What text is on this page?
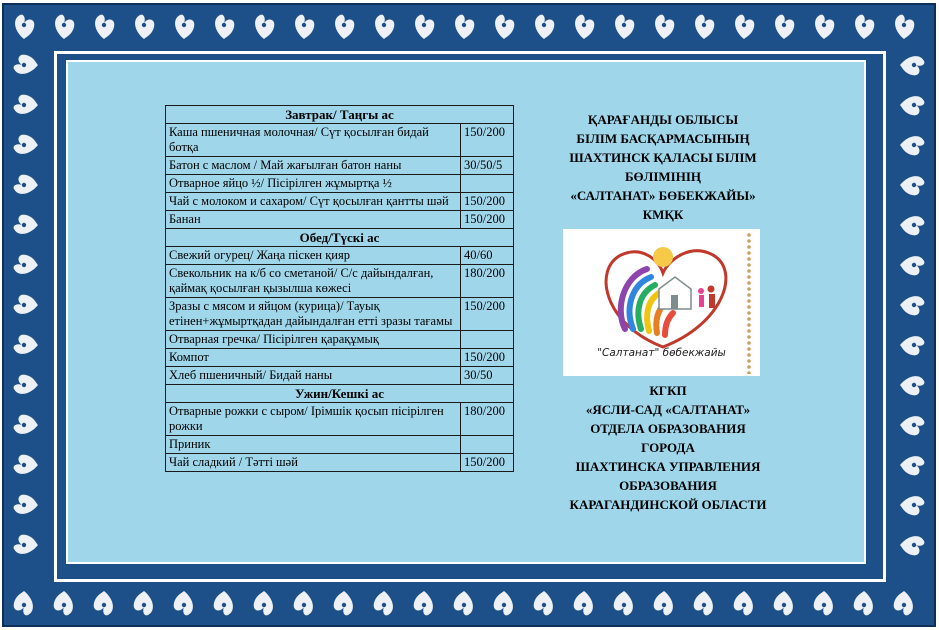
Завтрак/ Таңгы ас	
Каша пшеничная молочная/ Сүт қосылған бидай ботқа	150/200
Батон с маслом / Май жағылған батон наны	30/50/5
Отварное яйцо ½/ Пісірілген жұмыртқа ½	
Чай с молоком и сахаром/ Сүт қосылған қантты шәй	150/200
Банан	150/200
Обед/Түскі ас	
Свежий огурец/ Жаңа піскен қияр	40/60
Свекольник на к/б со сметаной/ С/с дайындалған, қаймақ қосылған қызылша көжесі	180/200
Зразы с мясом и яйцом (курица)/ Тауық етінен+жұмыртқадан дайындалған етті зразы тағамы	150/200
Отварная гречка/ Пісірілген қарақұмық	
Компот	150/200
Хлеб пшеничный/ Бидай наны	30/50
Ужин/Кешкі ас	
Отварные рожки с сыром/ Ірімшік қосып пісірілген рожки	180/200
Приник	
Чай сладкий / Тәтті шәй	150/200
ҚАРАҒАНДЫ ОБЛЫСЫ
БІЛІМ БАСҚАРМАСЫНЫҢ
ШАХТИНСК ҚАЛАСЫ БІЛІМ
БӨЛІМІНІҢ
«САЛТАНАТ» БӨБЕКЖАЙЫ»
КМҚК
"Салтанат" бөбекжайы
КГКП
«ЯСЛИ-САД «САЛТАНАТ»
ОТДЕЛА ОБРАЗОВАНИЯ
ГОРОДА
ШАХТИНСКА УПРАВЛЕНИЯ
ОБРАЗОВАНИЯ
КАРАГАНДИНСКОЙ ОБЛАСТИ
